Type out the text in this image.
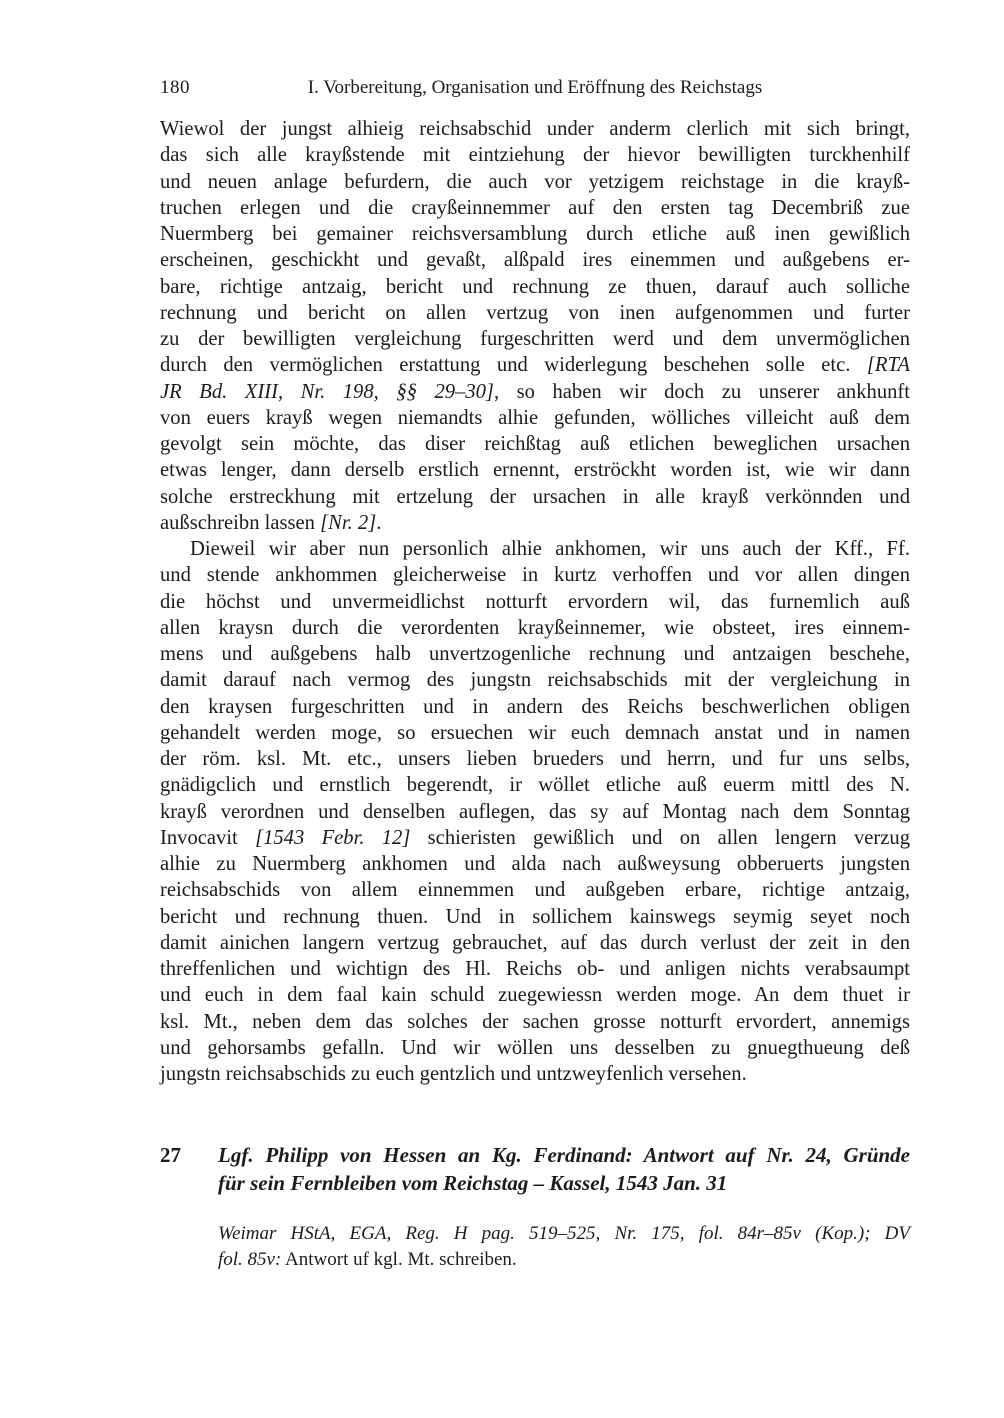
180	I. Vorbereitung, Organisation und Eröffnung des Reichstags
Wiewol der jungst alhieig reichsabschid under anderm clerlich mit sich bringt,
das sich alle krayßstende mit eintziehung der hievor bewilligten turckhenhilf
und neuen anlage befurdern, die auch vor yetzigem reichstage in die krayß-
truchen erlegen und die crayßeinnemmer auf den ersten tag Decembriß zue
Nuermberg bei gemainer reichsversamblung durch etliche auß inen gewißlich
erscheinen, geschickht und gevaßt, alßpald ires einemmen und außgebens er-
bare, richtige antzaig, bericht und rechnung ze thuen, darauf auch solliche
rechnung und bericht on allen vertzug von inen aufgenommen und furter
zu der bewilligten vergleichung furgeschritten werd und dem unvermöglichen
durch den vermöglichen erstattung und widerlegung beschehen solle etc. [RTA
JR Bd. XIII, Nr. 198, §§ 29–30], so haben wir doch zu unserer ankhunft
von euers krayß wegen niemandts alhie gefunden, wölliches villeicht auß dem
gevolgt sein möchte, das diser reichßtag auß etlichen beweglichen ursachen
etwas lenger, dann derselb erstlich ernennt, erströckht worden ist, wie wir dann
solche erstreckhung mit ertzelung der ursachen in alle krayß verkönnden und
außschreibn lassen [Nr. 2].
Dieweil wir aber nun personlich alhie ankhomen, wir uns auch der Kff., Ff.
und stende ankhommen gleicherweise in kurtz verhoffen und vor allen dingen
die höchst und unvermeidlichst notturft ervordern wil, das furnemlich auß
allen kraysn durch die verordenten krayßeinnemer, wie obsteet, ires einnem-
mens und außgebens halb unvertzogenliche rechnung und antzaigen beschehe,
damit darauf nach vermog des jungstn reichsabschids mit der vergleichung in
den kraysen furgeschritten und in andern des Reichs beschwerlichen obligen
gehandelt werden moge, so ersuechen wir euch demnach anstat und in namen
der röm. ksl. Mt. etc., unsers lieben brueders und herrn, und fur uns selbs,
gnädigclich und ernstlich begerendt, ir wöllet etliche auß euerm mittl des N.
krayß verordnen und denselben auflegen, das sy auf Montag nach dem Sonntag
Invocavit [1543 Febr. 12] schieristen gewißlich und on allen lengern verzug
alhie zu Nuermberg ankhomen und alda nach außweysung obberuerts jungsten
reichsabschids von allem einnemmen und außgeben erbare, richtige antzaig,
bericht und rechnung thuen. Und in sollichem kainswegs seymig seyet noch
damit ainichen langern vertzug gebrauchet, auf das durch verlust der zeit in den
threffenlichen und wichtign des Hl. Reichs ob- und anligen nichts verabsaumpt
und euch in dem faal kain schuld zuegewiessn werden moge. An dem thuet ir
ksl. Mt., neben dem das solches der sachen grosse notturft ervordert, annemigs
und gehorsambs gefalln. Und wir wöllen uns desselben zu gnuegthueung deß
jungstn reichsabschids zu euch gentzlich und untzweyfenlich versehen.
27	Lgf. Philipp von Hessen an Kg. Ferdinand: Antwort auf Nr. 24, Gründe
für sein Fernbleiben vom Reichstag – Kassel, 1543 Jan. 31
Weimar HStA, EGA, Reg. H pag. 519–525, Nr. 175, fol. 84r–85v (Kop.); DV
fol. 85v: Antwort uf kgl. Mt. schreiben.
